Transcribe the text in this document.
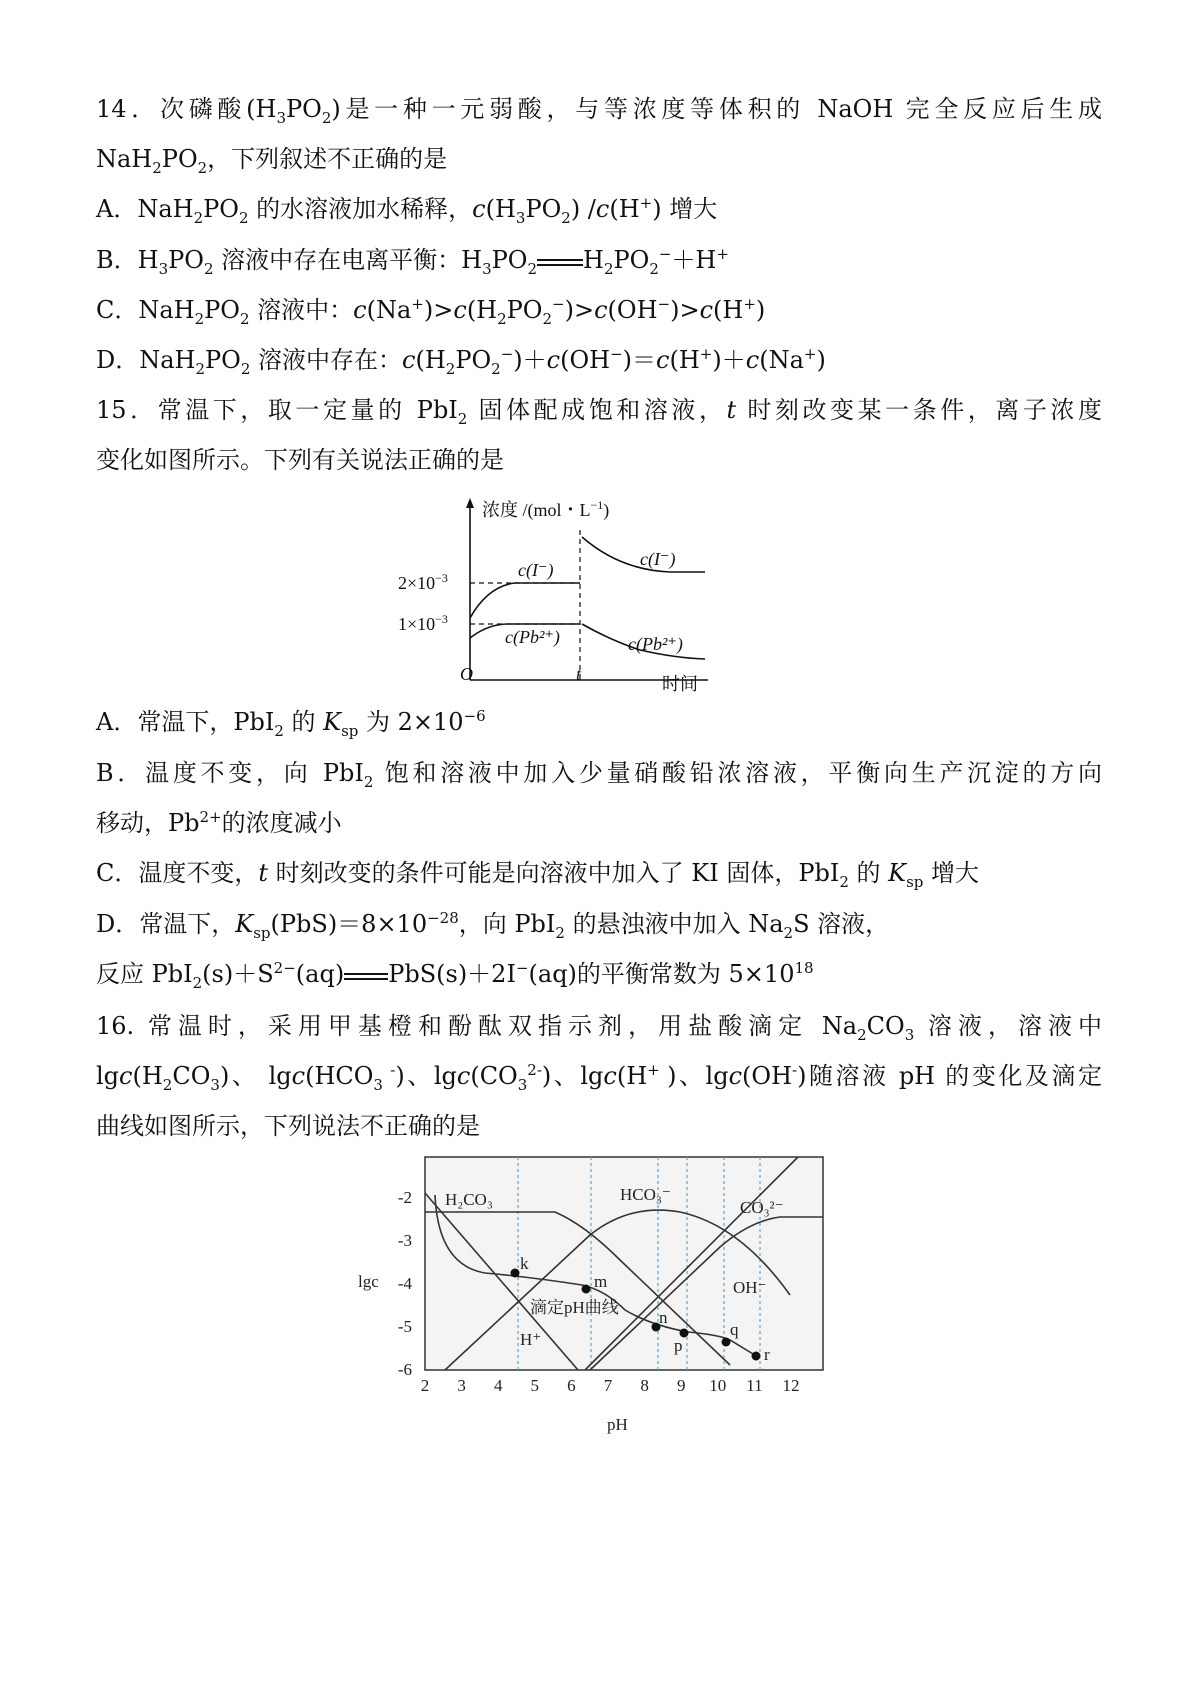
14．次磷酸$(H_3PO_2)$是一种一元弱酸，与等浓度等体积的 NaOH 完全反应后生成
$NaH_2PO_2$，下列叙述不正确的是
A．$NaH_2PO_2$ 的水溶液加水稀释，$c(H_3PO_2)$ /c(H+) 增大
B．$H_3PO_2$ 溶液中存在电离平衡：$H_3PO_2$ $H_2PO_2^-+H^+$
C．$NaH_2PO_2$ 溶液中：$c(Na^+)>c(H_2PO_2^-)>c(OH^-)>c(H^+)$
D．$NaH_2PO_2$ 溶液中存在：$c(H_2PO_2^-)+c(OH^-)=c(H^+)+c(Na^+)$
15．常温下，取一定量的 PbI$_2$ 固体配成饱和溶液，t 时刻改变某一条件，离子浓度
变化如图所示。下列有关说法正确的是
浓度 /(mol・$L^{-1}$)
$2\times 10^{-3}$
$1\times 10^{-3}$
O	t	时间
c(I⁻)
c(I⁻)
c(Pb²⁺)	c(Pb²⁺)
A．常温下，PbI$_2$ 的 $K_{sp}$ 为 $2\times 10^{-6}$
B．温度不变，向 PbI$_2$ 饱和溶液中加入少量硝酸铅浓溶液，平衡向生产沉淀的方向
移动，$Pb^{2+}$的浓度减小
C．温度不变，t 时刻改变的条件可能是向溶液中加入了 KI 固体，PbI$_2$ 的 $K_{sp}$ 增大
D．常温下，$K_{sp}(PbS)=8\times 10^{-28}$，向 PbI$_2$ 的悬浊液中加入 $Na_2S$ 溶液，
反应 $PbI_2(s)+S^{2-}(aq)$ PbS(s)＋2I−(aq)的平衡常数为 $5\times 10^{18}$
16. 常温时，采用甲基橙和酚酞双指示剂，用盐酸滴定 $Na_2CO_3$ 溶液，溶液中
$\lg c(H_2CO_3)$、 $\lg c(HCO_3$ -)、$\lg c(CO_3^{2-})$、lgc(H+ )、lgc(OH-)随溶液 pH 的变化及滴定
曲线如图所示，下列说法不正确的是
k
m
n
p
q
r
H₂CO₃	HCO₃⁻
CO₃²⁻
OH⁻
H⁺
滴定pH曲线
lgc
pH
-2
-3
-4
-5
-6
2 3 4 5 6 7 8 9 10 11 12
